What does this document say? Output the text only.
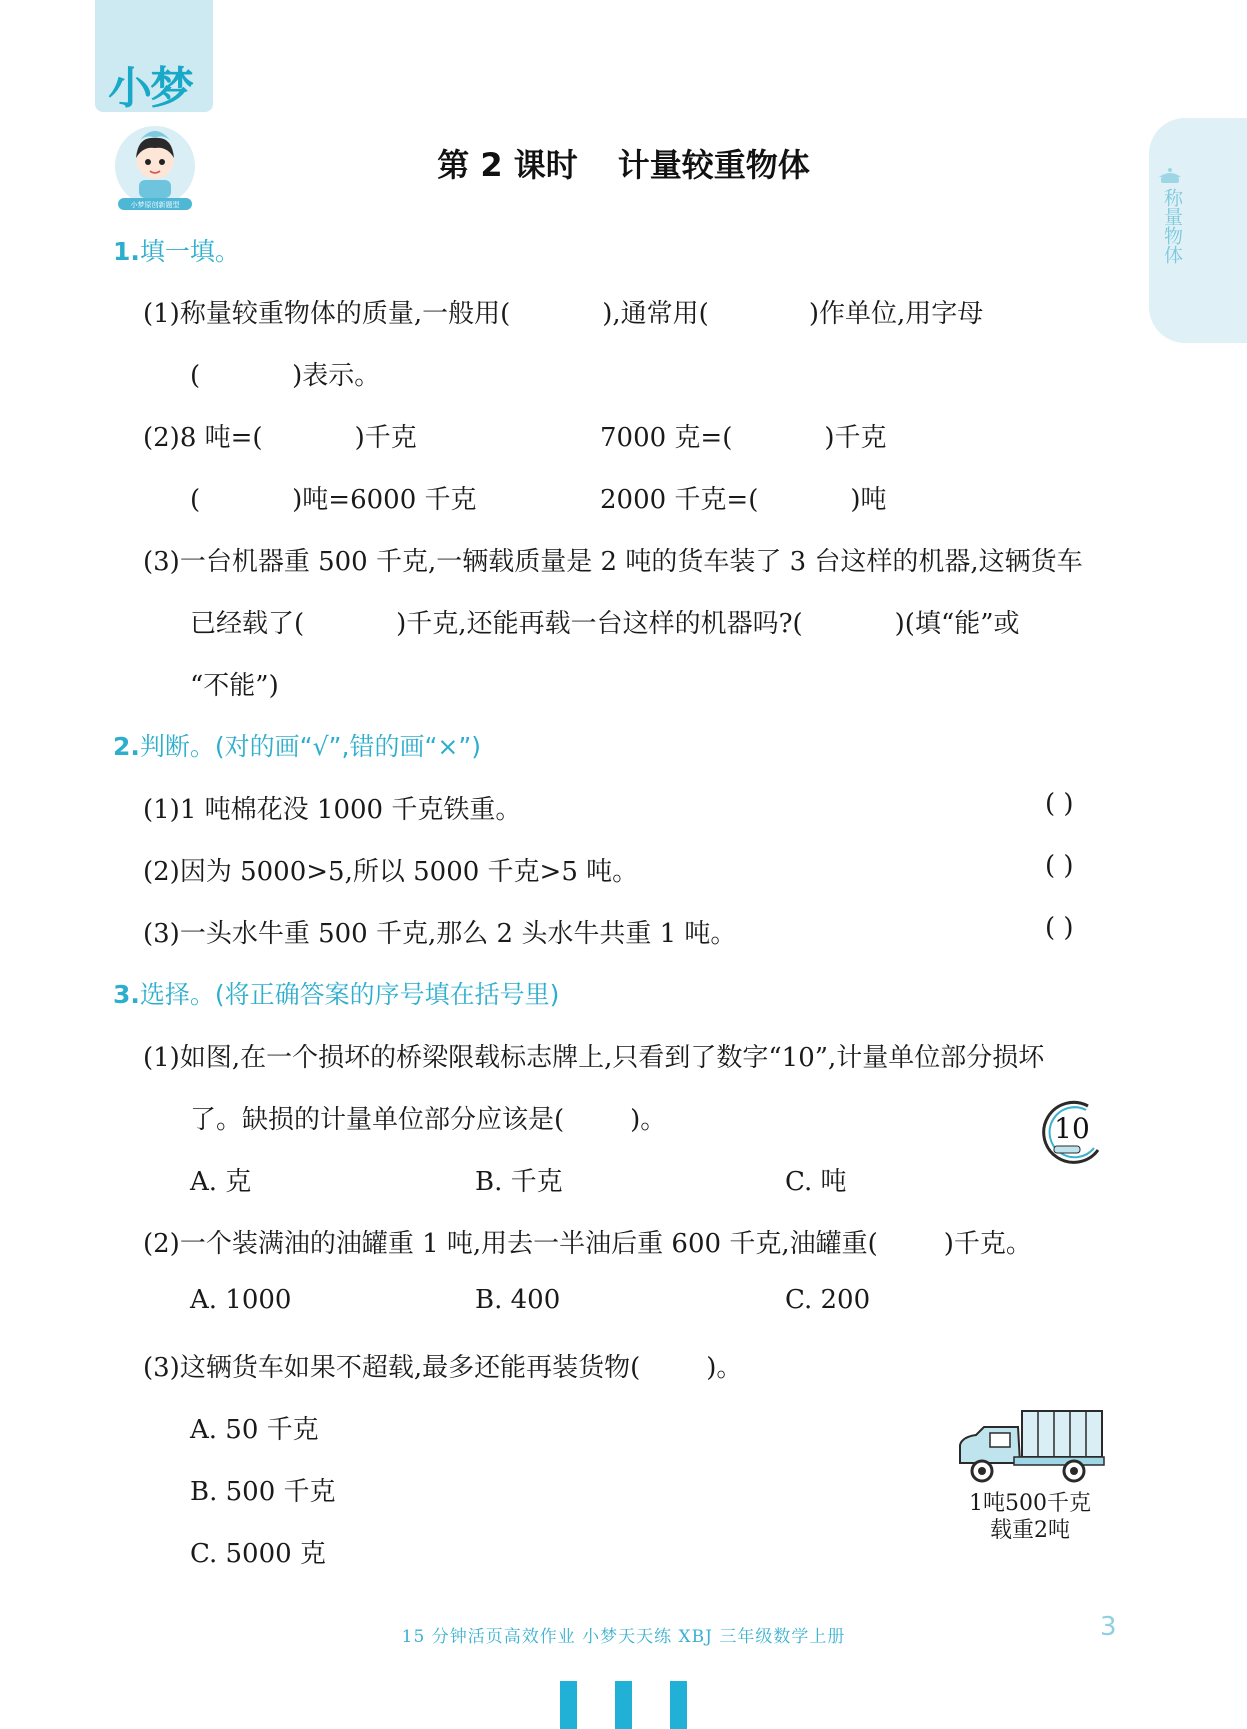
小梦
小梦原创新题型	称量物体
第 2 课时 计量较重物体
1.填一填。
(1)称量较重物体的质量,一般用(	),通常用(	)作单位,用字母
(	)表示。
(2)8 吨=(	)千克	7000 克=(	)千克
(	)吨=6000 千克	2000 千克=(	)吨
(3)一台机器重 500 千克,一辆载质量是 2 吨的货车装了 3 台这样的机器,这辆货车
已经载了(	)千克,还能再载一台这样的机器吗?(	)(填“能”或
“不能”)
2.判断。(对的画“√”,错的画“×”)
(1)1 吨棉花没 1000 千克铁重。	( )
(2)因为 5000>5,所以 5000 千克>5 吨。	( )
(3)一头水牛重 500 千克,那么 2 头水牛共重 1 吨。	( )
3.选择。(将正确答案的序号填在括号里)
(1)如图,在一个损坏的桥梁限载标志牌上,只看到了数字“10”,计量单位部分损坏
了。缺损的计量单位部分应该是(	)。	10
A. 克	B. 千克	C. 吨
(2)一个装满油的油罐重 1 吨,用去一半油后重 600 千克,油罐重(	)千克。
A. 1000	B. 400	C. 200
(3)这辆货车如果不超载,最多还能再装货物(	)。
A. 50 千克
B. 500 千克
C. 5000 克
1吨500千克
载重2吨
15 分钟活页高效作业 小梦天天练 XBJ 三年级数学上册	3
